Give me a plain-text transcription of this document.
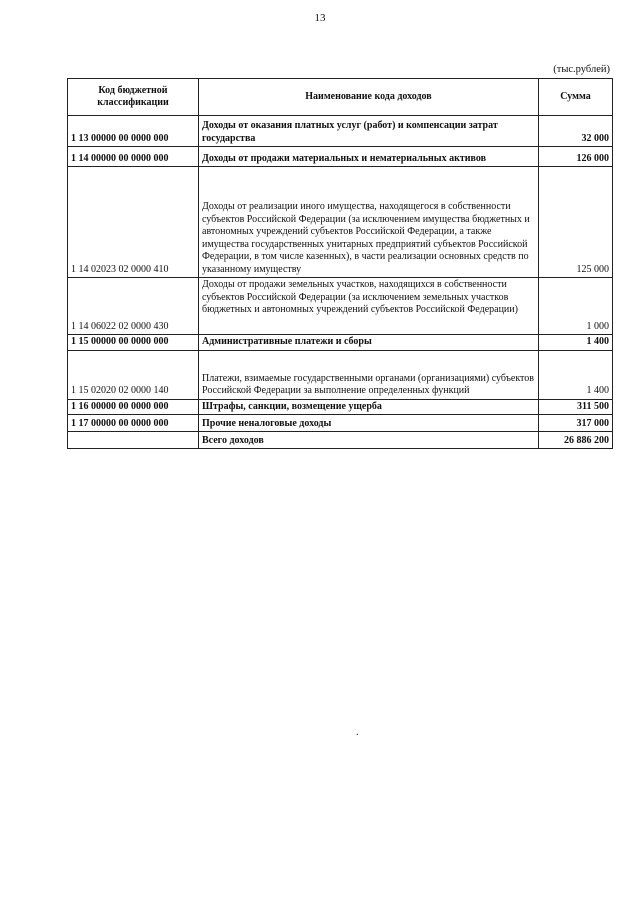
13
(тыс.рублей)
Код бюджетной классификации	Наименование кода доходов	Сумма
1 13 00000 00 0000 000	Доходы от оказания платных услуг (работ) и компенсации затрат государства	32 000
1 14 00000 00 0000 000	Доходы от продажи материальных и нематериальных активов	126 000
1 14 02023 02 0000 410	Доходы от реализации иного имущества, находящегося в собственности субъектов Российской Федерации (за исключением имущества бюджетных и автономных учреждений субъектов Российской Федерации, а также имущества государственных унитарных предприятий субъектов Российской Федерации, в том числе казенных), в части реализации основных средств по указанному имуществу	125 000
1 14 06022 02 0000 430	Доходы от продажи земельных участков, находящихся в собственности субъектов Российской Федерации (за исключением земельных участков бюджетных и автономных учреждений субъектов Российской Федерации)	1 000
1 15 00000 00 0000 000	Административные платежи и сборы	1 400
1 15 02020 02 0000 140	Платежи, взимаемые государственными органами (организациями) субъектов Российской Федерации за выполнение определенных функций	1 400
1 16 00000 00 0000 000	Штрафы, санкции, возмещение ущерба	311 500
1 17 00000 00 0000 000	Прочие неналоговые доходы	317 000
	Всего доходов	26 886 200
.
